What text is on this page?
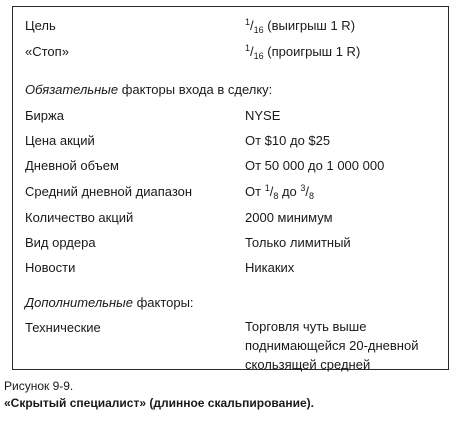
Цель	$^1/_{16}$ (выигрыш 1 R)
«Стоп»	$^1/_{16}$ (проигрыш 1 R)
Обязательные факторы входа в сделку:
Биржа	NYSE
Цена акций	От $10 до $25
Дневной объем	От 50 000 до 1 000 000
Средний дневной диапазон	От $^1/_8$ до $^3/_8$
Количество акций	2000 минимум
Вид ордера	Только лимитный
Новости	Никаких
Дополнительные факторы:
Технические	Торговля чуть выше
поднимающейся 20-дневной
скользящей средней
Рисунок 9-9.
«Скрытый специалист» (длинное скальпирование).
